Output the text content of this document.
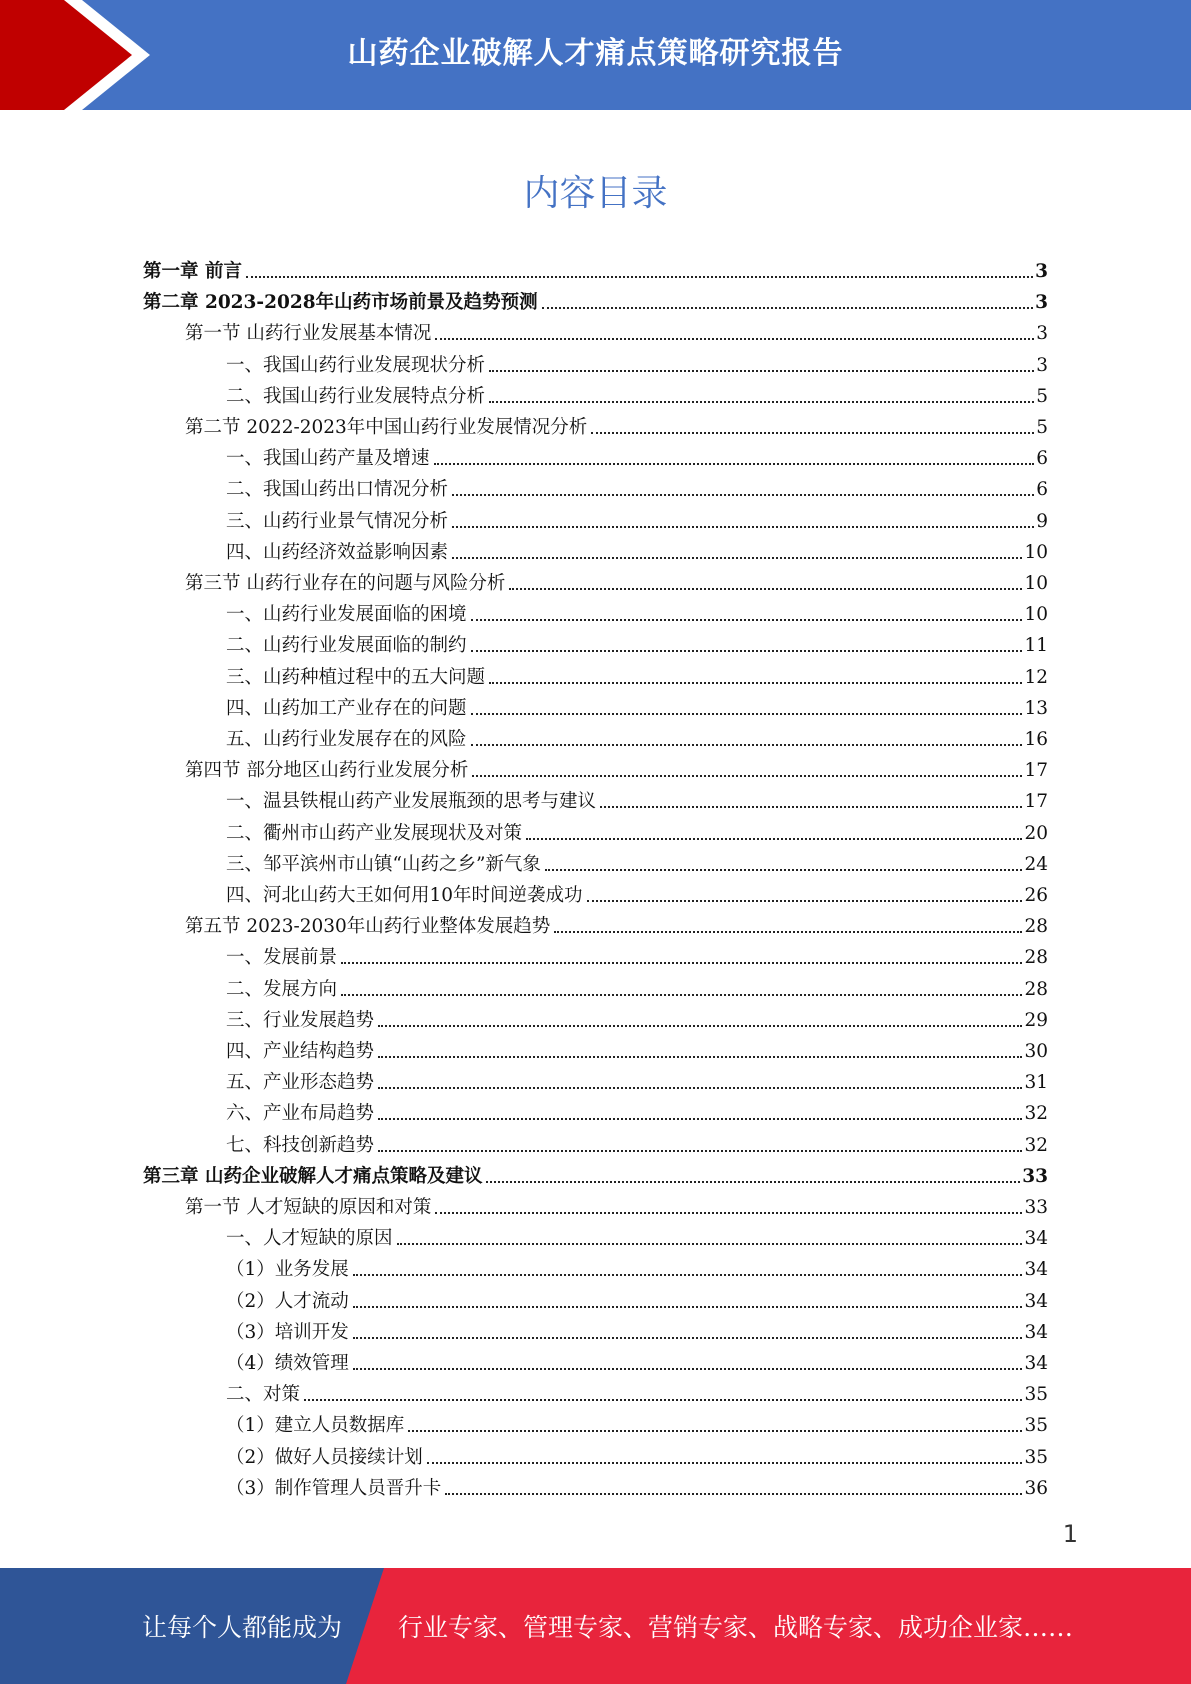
山药企业破解人才痛点策略研究报告
内容目录
第一章 前言	3
第二章 2023-2028年山药市场前景及趋势预测	3
第一节 山药行业发展基本情况	3
一、我国山药行业发展现状分析	3
二、我国山药行业发展特点分析	5
第二节 2022-2023年中国山药行业发展情况分析	5
一、我国山药产量及增速	6
二、我国山药出口情况分析	6
三、山药行业景气情况分析	9
四、山药经济效益影响因素	10
第三节 山药行业存在的问题与风险分析	10
一、山药行业发展面临的困境	10
二、山药行业发展面临的制约	11
三、山药种植过程中的五大问题	12
四、山药加工产业存在的问题	13
五、山药行业发展存在的风险	16
第四节 部分地区山药行业发展分析	17
一、温县铁棍山药产业发展瓶颈的思考与建议	17
二、衢州市山药产业发展现状及对策	20
三、邹平滨州市山镇“山药之乡”新气象	24
四、河北山药大王如何用10年时间逆袭成功	26
第五节 2023-2030年山药行业整体发展趋势	28
一、发展前景	28
二、发展方向	28
三、行业发展趋势	29
四、产业结构趋势	30
五、产业形态趋势	31
六、产业布局趋势	32
七、科技创新趋势	32
第三章 山药企业破解人才痛点策略及建议	33
第一节 人才短缺的原因和对策	33
一、人才短缺的原因	34
（1）业务发展	34
（2）人才流动	34
（3）培训开发	34
（4）绩效管理	34
二、对策	35
（1）建立人员数据库	35
（2）做好人员接续计划	35
（3）制作管理人员晋升卡	36
1
让每个人都能成为 行业专家、管理专家、营销专家、战略专家、成功企业家……
